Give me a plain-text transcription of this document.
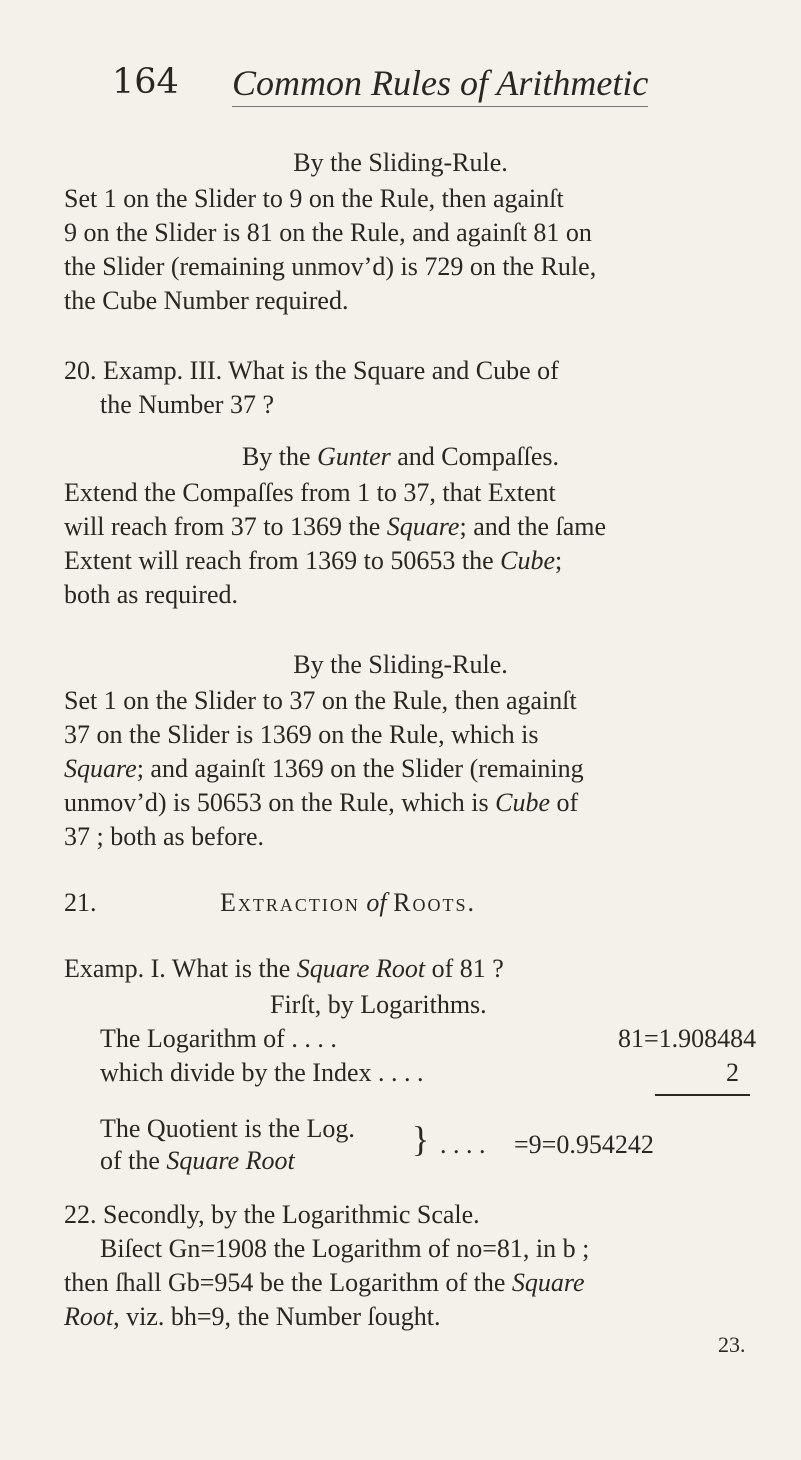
164 Common Rules of Arithmetic
By the Sliding-Rule.
Set 1 on the Slider to 9 on the Rule, then againſt
9 on the Slider is 81 on the Rule, and againſt 81 on
the Slider (remaining unmov’d) is 729 on the Rule,
the Cube Number required.
20. Examp. III. What is the Square and Cube of
the Number 37 ?
By the Gunter and Compaſſes.
Extend the Compaſſes from 1 to 37, that Extent
will reach from 37 to 1369 the Square; and the ſame
Extent will reach from 1369 to 50653 the Cube;
both as required.
By the Sliding-Rule.
Set 1 on the Slider to 37 on the Rule, then againſt
37 on the Slider is 1369 on the Rule, which is
Square; and againſt 1369 on the Slider (remaining
unmov’d) is 50653 on the Rule, which is Cube of
37 ; both as before.
21.	Extraction of Roots.
Examp. I. What is the Square Root of 81 ?
Firſt, by Logarithms.
The Logarithm of . . . .	81=1.908484
which divide by the Index . . . .	2
The Quotient is the Log.
of the Square Root
} . . . . =9=0.954242
22. Secondly, by the Logarithmic Scale.
Biſect Gn=1908 the Logarithm of no=81, in b ;
then ſhall Gb=954 be the Logarithm of the Square
Root, viz. bh=9, the Number ſought.
23.
